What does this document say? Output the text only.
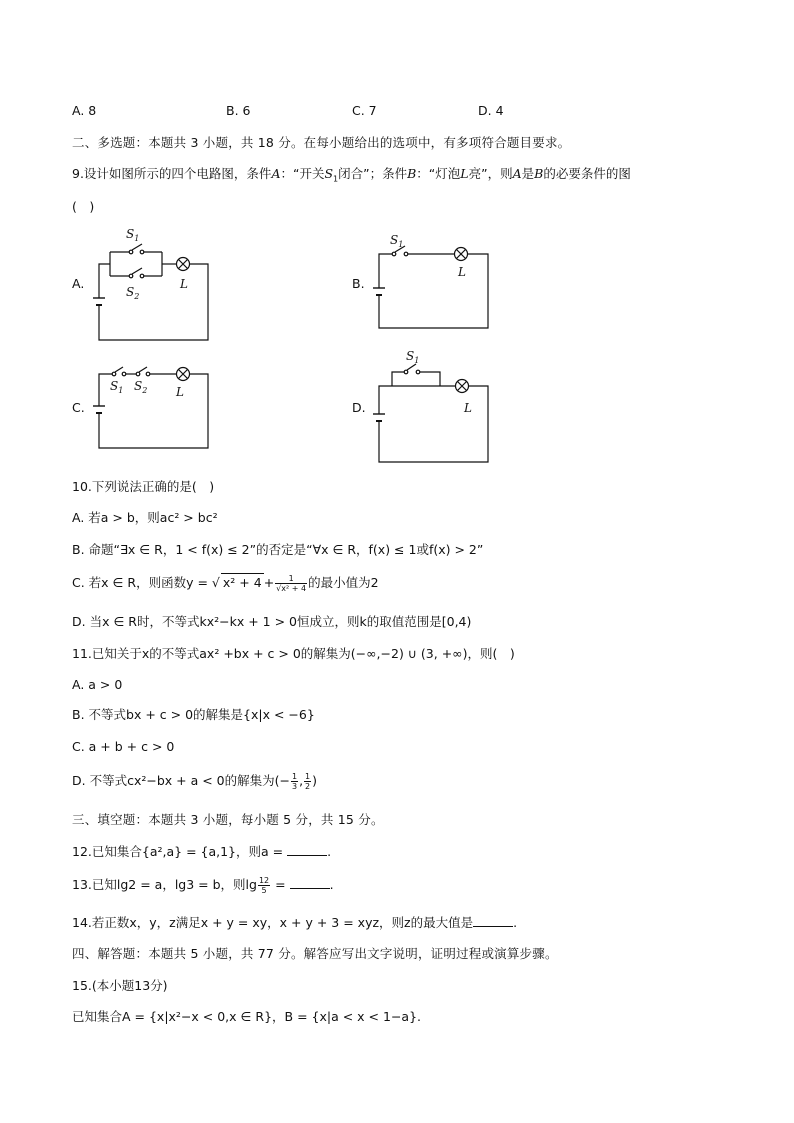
A. 8	B. 6	C. 7	D. 4
二、多选题：本题共 3 小题，共 18 分。在每小题给出的选项中，有多项符合题目要求。
9.设计如图所示的四个电路图，条件A：“开关$S_1$闭合”；条件B：“灯泡L亮”，则A是B的必要条件的图
(　)
A.
$S_1$
$S_2$
L	B.
$S_1$
L
C.
$S_1$ $S_2$ L
D.
$S_1$
L
10.下列说法正确的是(　)
A. 若a > b，则ac² > bc²
B. 命题“∃x ∈ R，1 < f(x) ≤ 2”的否定是“∀x ∈ R，f(x) ≤ 1或f(x) > 2”
C. 若x ∈ R，则函数y = √ $x^2 + 4 + \frac{1}{\text{√x² + 4}}$ 的最小值为2
D. 当x ∈ R时，不等式kx²−kx + 1 > 0恒成立，则k的取值范围是[0,4)
11.已知关于x的不等式ax² +bx + c > 0的解集为(−∞,−2) ∪ (3, +∞)，则(　)
A. a > 0
B. 不等式bx + c > 0的解集是{x|x < −6}
C. a + b + c > 0
D. 不等式cx²−bx + a < 0的解集为(− $\frac{1}{3}$ , $\frac{1}{2}$ )
三、填空题：本题共 3 小题，每小题 5 分，共 15 分。
12.已知集合{a²,a} = {a,1}，则a =	.
13.已知lg2 = a，lg3 = b，则$\lg \frac{12}{5}$ =	.
14.若正数x，y，z满足x + y = xy，x + y + 3 = xyz，则z的最大值是	.
四、解答题：本题共 5 小题，共 77 分。解答应写出文字说明，证明过程或演算步骤。
15.(本小题13分)
已知集合A = {x|x²−x < 0,x ∈ R}，B = {x|a < x < 1−a}.
